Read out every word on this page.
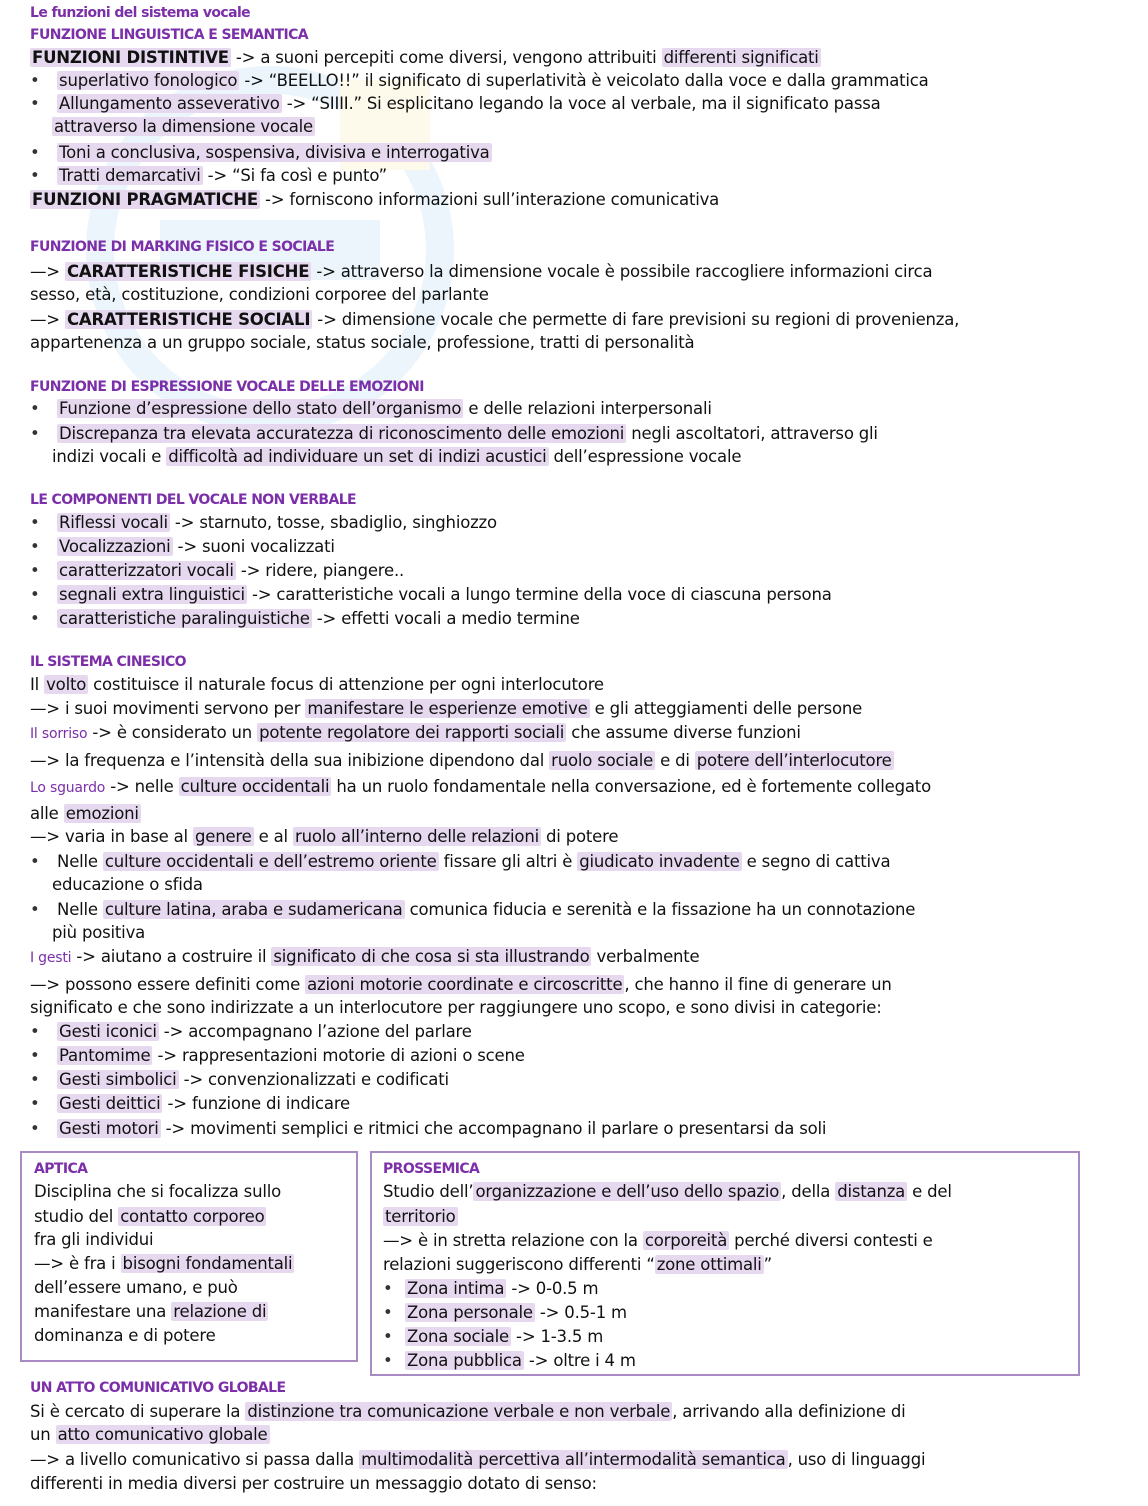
Le funzioni del sistema vocale
FUNZIONE LINGUISTICA E SEMANTICA
FUNZIONI DISTINTIVE -> a suoni percepiti come diversi, vengono attribuiti differenti significati
• superlativo fonologico -> “BEELLO!!” il significato di superlatività è veicolato dalla voce e dalla grammatica
• Allungamento asseverativo -> “SIIII.” Si esplicitano legando la voce al verbale, ma il significato passa
attraverso la dimensione vocale
• Toni a conclusiva, sospensiva, divisiva e interrogativa
• Tratti demarcativi -> “Si fa così e punto”
FUNZIONI PRAGMATICHE -> forniscono informazioni sull’interazione comunicativa
FUNZIONE DI MARKING FISICO E SOCIALE
—> CARATTERISTICHE FISICHE -> attraverso la dimensione vocale è possibile raccogliere informazioni circa
sesso, età, costituzione, condizioni corporee del parlante
—> CARATTERISTICHE SOCIALI -> dimensione vocale che permette di fare previsioni su regioni di provenienza,
appartenenza a un gruppo sociale, status sociale, professione, tratti di personalità
FUNZIONE DI ESPRESSIONE VOCALE DELLE EMOZIONI
• Funzione d’espressione dello stato dell’organismo e delle relazioni interpersonali
• Discrepanza tra elevata accuratezza di riconoscimento delle emozioni negli ascoltatori, attraverso gli
indizi vocali e difficoltà ad individuare un set di indizi acustici dell’espressione vocale
LE COMPONENTI DEL VOCALE NON VERBALE
• Riflessi vocali -> starnuto, tosse, sbadiglio, singhiozzo
• Vocalizzazioni -> suoni vocalizzati
• caratterizzatori vocali -> ridere, piangere..
• segnali extra linguistici -> caratteristiche vocali a lungo termine della voce di ciascuna persona
• caratteristiche paralinguistiche -> effetti vocali a medio termine
IL SISTEMA CINESICO
Il volto costituisce il naturale focus di attenzione per ogni interlocutore
—> i suoi movimenti servono per manifestare le esperienze emotive e gli atteggiamenti delle persone
Il sorriso -> è considerato un potente regolatore dei rapporti sociali che assume diverse funzioni
—> la frequenza e l’intensità della sua inibizione dipendono dal ruolo sociale e di potere dell’interlocutore
Lo sguardo -> nelle culture occidentali ha un ruolo fondamentale nella conversazione, ed è fortemente collegato
alle emozioni
—> varia in base al genere e al ruolo all’interno delle relazioni di potere
• Nelle culture occidentali e dell’estremo oriente fissare gli altri è giudicato invadente e segno di cattiva
educazione o sfida
• Nelle culture latina, araba e sudamericana comunica fiducia e serenità e la fissazione ha un connotazione
più positiva
I gesti -> aiutano a costruire il significato di che cosa si sta illustrando verbalmente
—> possono essere definiti come azioni motorie coordinate e circoscritte , che hanno il fine di generare un
significato e che sono indirizzate a un interlocutore per raggiungere uno scopo, e sono divisi in categorie:
• Gesti iconici -> accompagnano l’azione del parlare
• Pantomime -> rappresentazioni motorie di azioni o scene
• Gesti simbolici -> convenzionalizzati e codificati
• Gesti deittici -> funzione di indicare
• Gesti motori -> movimenti semplici e ritmici che accompagnano il parlare o presentarsi da soli
APTICA
Disciplina che si focalizza sullo
studio del contatto corporeo
fra gli individui
—> è fra i bisogni fondamentali
dell’essere umano, e può
manifestare una relazione di
dominanza e di potere
PROSSEMICA
Studio dell’ organizzazione e dell’uso dello spazio , della distanza e del
territorio
—> è in stretta relazione con la corporeità perché diversi contesti e
relazioni suggeriscono differenti “ zone ottimali ”
• Zona intima -> 0-0.5 m
• Zona personale -> 0.5-1 m
• Zona sociale -> 1-3.5 m
• Zona pubblica -> oltre i 4 m
UN ATTO COMUNICATIVO GLOBALE
Si è cercato di superare la distinzione tra comunicazione verbale e non verbale , arrivando alla definizione di
un atto comunicativo globale
—> a livello comunicativo si passa dalla multimodalità percettiva all’intermodalità semantica , uso di linguaggi
differenti in media diversi per costruire un messaggio dotato di senso:
